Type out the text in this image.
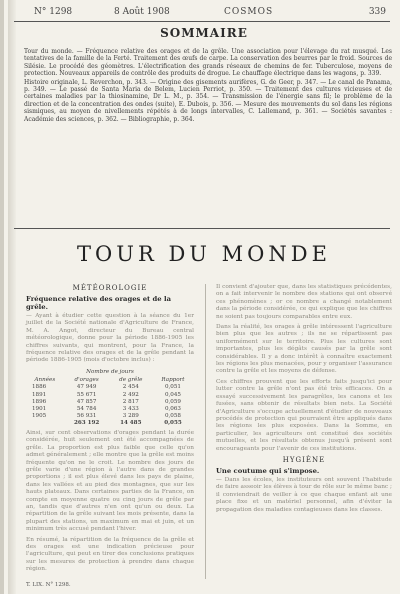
N° 1298	8 Août 1908	COSMOS	339
SOMMAIRE

Tour du monde. — Fréquence relative des orages et de la grêle. Une association pour l'élevage du rat musqué. Les tentatives de la famille de la Ferté. Traitement des œufs de carpe. La conservation des beurres par le froid. Sources de Silésie. Le procédé des géomètres. L'électrification des grands réseaux de chemins de fer. Tuberculose, moyens de protection. Nouveaux appareils de contrôle des produits de drogue. Le chauffage électrique dans les wagons, p. 339.

Histoire originale, L. Reverchon, p. 343. — Origine des gisements aurifères, G. de Geer, p. 347. — Le canal de Panama, p. 349. — Le passé de Santa Maria de Belem, Lucien Perriot, p. 350. — Traitement des cultures vicieuses et de certaines maladies par la thiosinamine, Dr L. M., p. 354. — Transmission de l'énergie sans fil; le problème de la direction et de la concentration des ondes (suite), E. Dubois, p. 356. — Mesure des mouvements du sol dans les régions sismiques, au moyen de nivellements répétés à de longs intervalles, C. Lallemand, p. 361. — Sociétés savantes : Académie des sciences, p. 362. — Bibliographie, p. 364.

TOUR DU MONDE
MÉTÉOROLOGIE
Fréquence relative des orages et de la grêle.
— Ayant à étudier cette question à la séance du 1er juillet de la Société nationale d'Agriculture de France, M. A. Angot, directeur du Bureau central météorologique, donne pour la période 1886-1905 les chiffres suivants, qui montrent, pour la France, la fréquence relative des orages et de la grêle pendant la période 1886-1905 (mois d'octobre inclus) :
Nombre de jours			
Années	d'orages	de grêle	Rapport
1886	47 949	2 454	0,051
1891	55 671	2 492	0,045
1896	47 857	2 817	0,059
1901	54 784	3 433	0,063
1905	56 931	3 289	0,058
	263 192	14 485	0,055
Ainsi, sur cent observations d'orages pendant la durée considérée, huit seulement ont été accompagnées de grêle. La proportion est plus faible que celle qu'on admet généralement ; elle montre que la grêle est moins fréquente qu'on ne le croit. Le nombre des jours de grêle varie d'une région à l'autre dans de grandes proportions ; il est plus élevé dans les pays de plaine, dans les vallées et au pied des montagnes, que sur les hauts plateaux. Dans certaines parties de la France, on compte en moyenne quatre ou cinq jours de grêle par an, tandis que d'autres n'en ont qu'un ou deux. La répartition de la grêle suivant les mois présente, dans la plupart des stations, un maximum en mai et juin, et un minimum très accusé pendant l'hiver.
En résumé, la répartition de la fréquence de la grêle et des orages est une indication précieuse pour l'agriculture, qui peut en tirer des conclusions pratiques sur les mesures de protection à prendre dans chaque région.
Il convient d'ajouter que, dans les statistiques précédentes, on a fait intervenir le nombre des stations qui ont observé ces phénomènes ; or ce nombre a changé notablement dans la période considérée, ce qui explique que les chiffres ne soient pas toujours comparables entre eux.
Dans la réalité, les orages à grêle intéressent l'agriculture bien plus que les autres ; ils ne se répartissent pas uniformément sur le territoire. Plus les cultures sont importantes, plus les dégâts causés par la grêle sont considérables. Il y a donc intérêt à connaître exactement les régions les plus menacées, pour y organiser l'assurance contre la grêle et les moyens de défense.
Ces chiffres prouvent que les efforts faits jusqu'ici pour lutter contre la grêle n'ont pas été très efficaces. On a essayé successivement les paragrêles, les canons et les fusées, sans obtenir de résultats bien nets. La Société d'Agriculture s'occupe actuellement d'étudier de nouveaux procédés de protection qui pourraient être appliqués dans les régions les plus exposées. Dans la Somme, en particulier, les agriculteurs ont constitué des sociétés mutuelles, et les résultats obtenus jusqu'à présent sont encourageants pour l'avenir de ces institutions.
HYGIÈNE
Une coutume qui s'impose.
— Dans les écoles, les instituteurs ont souvent l'habitude de faire asseoir les élèves à tour de rôle sur le même banc ; il conviendrait de veiller à ce que chaque enfant ait une place fixe et un matériel personnel, afin d'éviter la propagation des maladies contagieuses dans les classes.
T. LIX. N° 1298.
